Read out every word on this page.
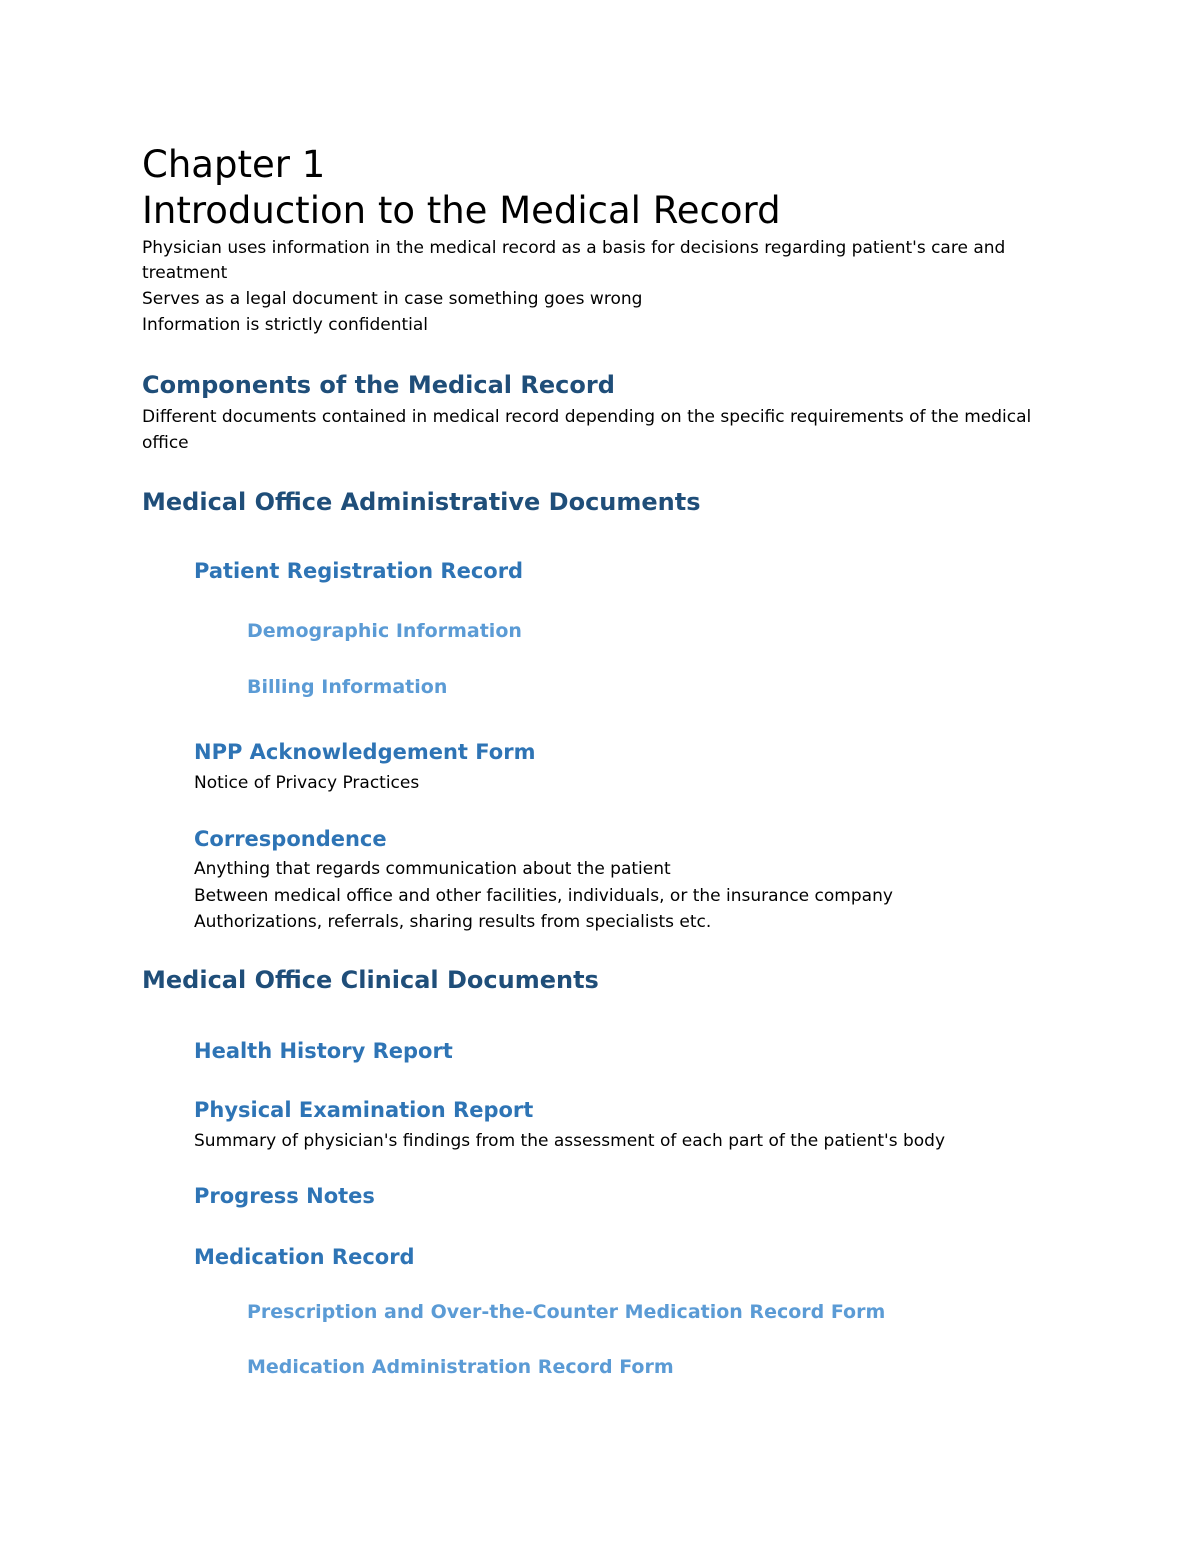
Chapter 1
Introduction to the Medical Record
Physician uses information in the medical record as a basis for decisions regarding patient's care and
treatment
Serves as a legal document in case something goes wrong
Information is strictly confidential
Components of the Medical Record
Different documents contained in medical record depending on the specific requirements of the medical
office
Medical Office Administrative Documents
Patient Registration Record
Demographic Information
Billing Information
NPP Acknowledgement Form
Notice of Privacy Practices
Correspondence
Anything that regards communication about the patient
Between medical office and other facilities, individuals, or the insurance company
Authorizations, referrals, sharing results from specialists etc.
Medical Office Clinical Documents
Health History Report
Physical Examination Report
Summary of physician's findings from the assessment of each part of the patient's body
Progress Notes
Medication Record
Prescription and Over-the-Counter Medication Record Form
Medication Administration Record Form
